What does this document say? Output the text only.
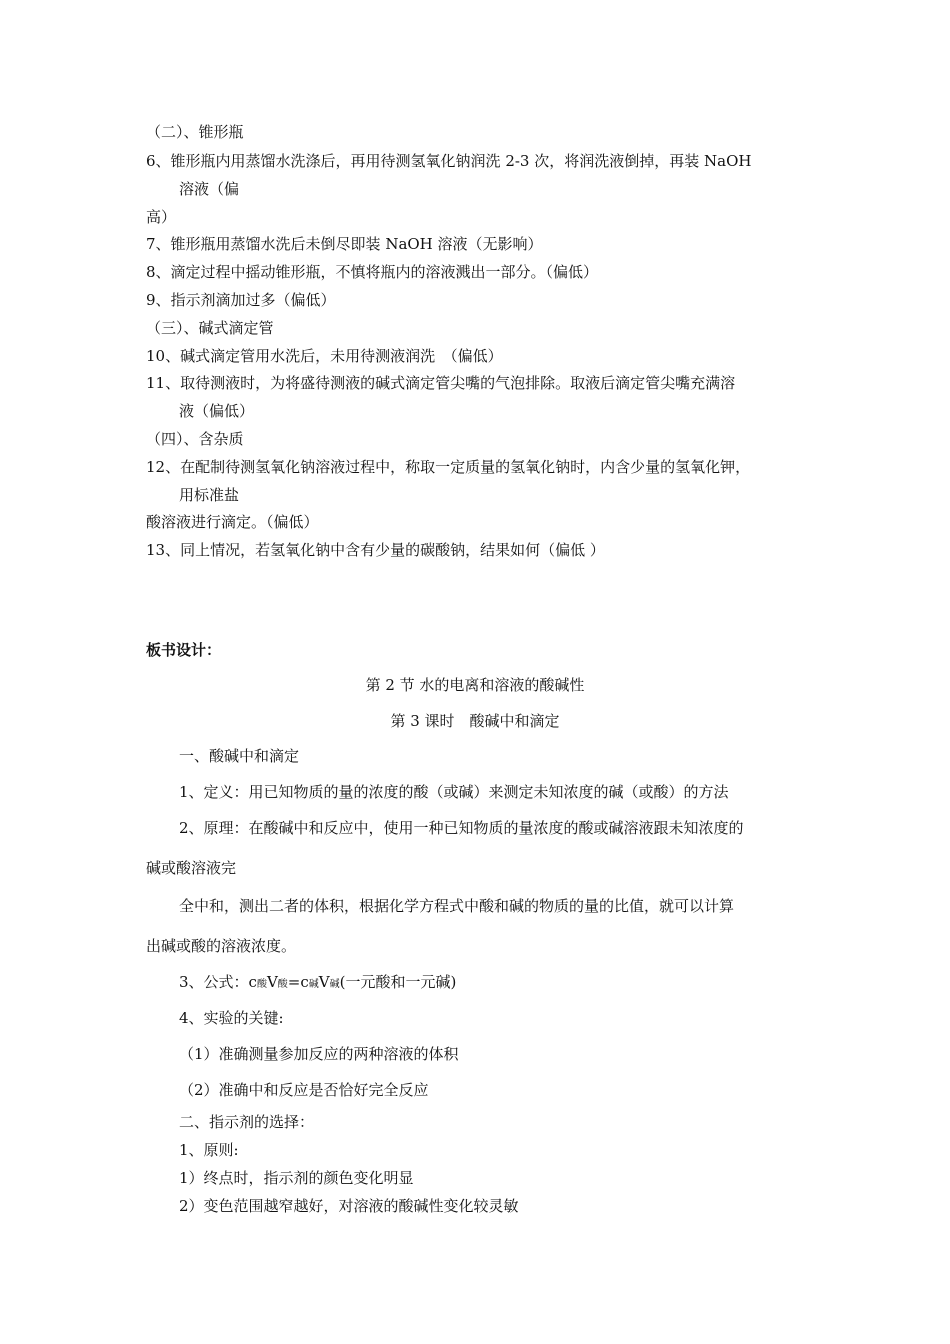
（二）、锥形瓶
6、锥形瓶内用蒸馏水洗涤后，再用待测氢氧化钠润洗 2-3 次，将润洗液倒掉，再装 NaOH
溶液（偏
高）
7、锥形瓶用蒸馏水洗后未倒尽即装 NaOH 溶液（无影响）
8、滴定过程中摇动锥形瓶，不慎将瓶内的溶液溅出一部分。（偏低）
9、指示剂滴加过多（偏低）
（三）、碱式滴定管
10、碱式滴定管用水洗后，未用待测液润洗　（偏低）
11、取待测液时，为将盛待测液的碱式滴定管尖嘴的气泡排除。取液后滴定管尖嘴充满溶
液（偏低）
（四）、含杂质
12、在配制待测氢氧化钠溶液过程中，称取一定质量的氢氧化钠时，内含少量的氢氧化钾，
用标准盐
酸溶液进行滴定。（偏低）
13、同上情况，若氢氧化钠中含有少量的碳酸钠，结果如何（偏低 ）
板书设计：
第 2 节 水的电离和溶液的酸碱性
第 3 课时　酸碱中和滴定
一、酸碱中和滴定
1、定义：用已知物质的量的浓度的酸（或碱）来测定未知浓度的碱（或酸）的方法
2、原理：在酸碱中和反应中，使用一种已知物质的量浓度的酸或碱溶液跟未知浓度的
碱或酸溶液完
全中和，测出二者的体积，根据化学方程式中酸和碱的物质的量的比值，就可以计算
出碱或酸的溶液浓度。
3、公式：c酸V酸=c碱V碱(一元酸和一元碱)
4、实验的关键:
（1）准确测量参加反应的两种溶液的体积
（2）准确中和反应是否恰好完全反应
二、指示剂的选择：
1、原则:
1）终点时，指示剂的颜色变化明显
2）变色范围越窄越好，对溶液的酸碱性变化较灵敏
